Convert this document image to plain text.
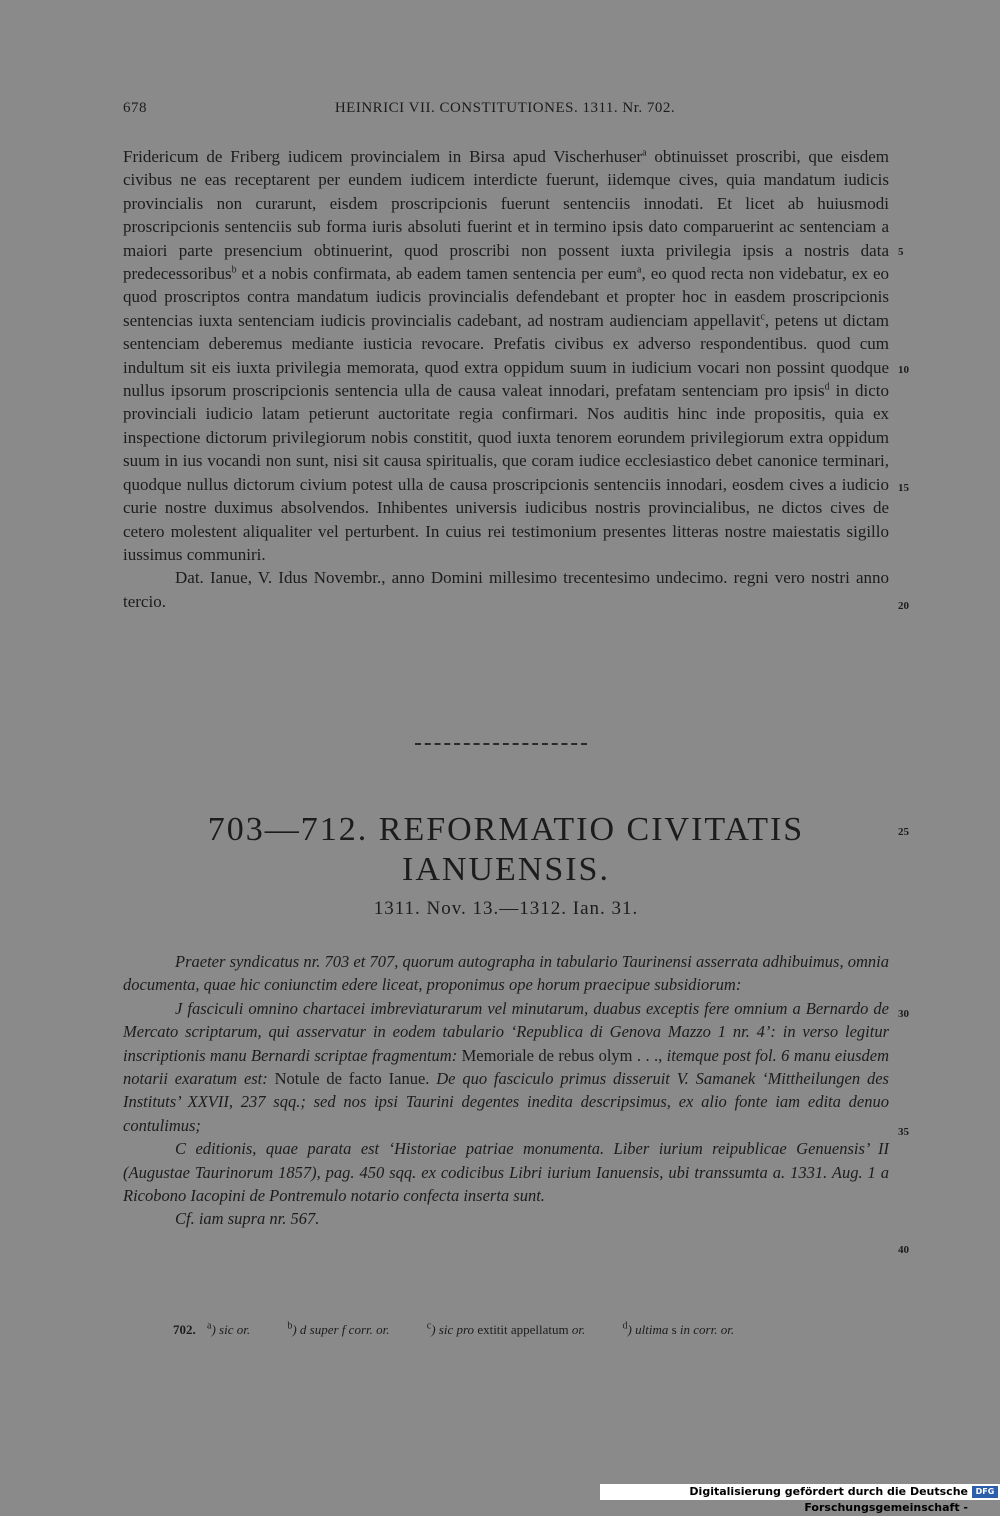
678	HEINRICI VII. CONSTITUTIONES. 1311. Nr. 702.

Fridericum de Friberg iudicem provincialem in Birsa apud Vischerhuser$^a$ obtinuisset proscribi, que eisdem civibus ne eas receptarent per eundem iudicem interdicte fuerunt, iidemque cives, quia mandatum iudicis provincialis non curarunt, eisdem proscripcionis fuerunt sentenciis innodati. Et licet ab huiusmodi proscripcionis sentenciis sub forma iuris absoluti fuerint et in termino ipsis dato comparuerint ac sentenciam a maiori parte presencium obtinuerint, quod proscribi non possent iuxta privilegia ipsis a nostris data predecessoribus$^b$ et a nobis confirmata, ab eadem tamen sentencia per eum$^a$, eo quod recta non videbatur, ex eo quod proscriptos contra mandatum iudicis provincialis defendebant et propter hoc in easdem proscripcionis sentencias iuxta sentenciam iudicis provincialis cadebant, ad nostram audienciam appellavit$^c$, petens ut dictam sentenciam deberemus mediante iusticia revocare. Prefatis civibus ex adverso respondentibus. quod cum indultum sit eis iuxta privilegia memorata, quod extra oppidum suum in iudicium vocari non possint quodque nullus ipsorum proscripcionis sentencia ulla de causa valeat innodari, prefatam sentenciam pro ipsis$^d$ in dicto provinciali iudicio latam petierunt auctoritate regia confirmari. Nos auditis hinc inde propositis, quia ex inspectione dictorum privilegiorum nobis constitit, quod iuxta tenorem eorundem privilegiorum extra oppidum suum in ius vocandi non sunt, nisi sit causa spiritualis, que coram iudice ecclesiastico debet canonice terminari, quodque nullus dictorum civium potest ulla de causa proscripcionis sentenciis innodari, eosdem cives a iudicio curie nostre duximus absolvendos. Inhibentes universis iudicibus nostris provincialibus, ne dictos cives de cetero molestent aliqualiter vel perturbent. In cuius rei testimonium presentes litteras nostre maiestatis sigillo iussimus communiri.

Dat. Ianue, V. Idus Novembr., anno Domini millesimo trecentesimo undecimo. regni vero nostri anno tercio.

5
10
15
20
703—712. REFORMATIO CIVITATIS
IANUENSIS.
25
1311. Nov. 13.—1312. Ian. 31.

Praeter syndicatus nr. 703 et 707, quorum autographa in tabulario Taurinensi asserrata adhibuimus, omnia documenta, quae hic coniunctim edere liceat, proponimus ope horum praecipue subsidiorum:

J fasciculi omnino chartacei imbreviaturarum vel minutarum, duabus exceptis fere omnium a Bernardo de Mercato scriptarum, qui asservatur in eodem tabulario ‘Republica di Genova Mazzo 1 nr. 4’: in verso legitur inscriptionis manu Bernardi scriptae fragmentum: Memoriale de rebus olym . . ., itemque post fol. 6 manu eiusdem notarii exaratum est: Notule de facto Ianue. De quo fasciculo primus disseruit V. Samanek ‘Mittheilungen des Instituts’ XXVII, 237 sqq.; sed nos ipsi Taurini degentes inedita descripsimus, ex alio fonte iam edita denuo contulimus;

C editionis, quae parata est ‘Historiae patriae monumenta. Liber iurium reipublicae Genuensis’ II (Augustae Taurinorum 1857), pag. 450 sqq. ex codicibus Libri iurium Ianuensis, ubi transsumta a. 1331. Aug. 1 a Ricobono Iacopini de Pontremulo notario confecta inserta sunt.

Cf. iam supra nr. 567.

30
35
40
702. $^a$) sic or.	$^b$) d super f corr. or.	$^c$) sic pro extitit appellatum or.	$^d$) ultima s in corr. or.
Digitalisierung gefördert durch die Deutsche Forschungsgemeinschaft -
DFG
